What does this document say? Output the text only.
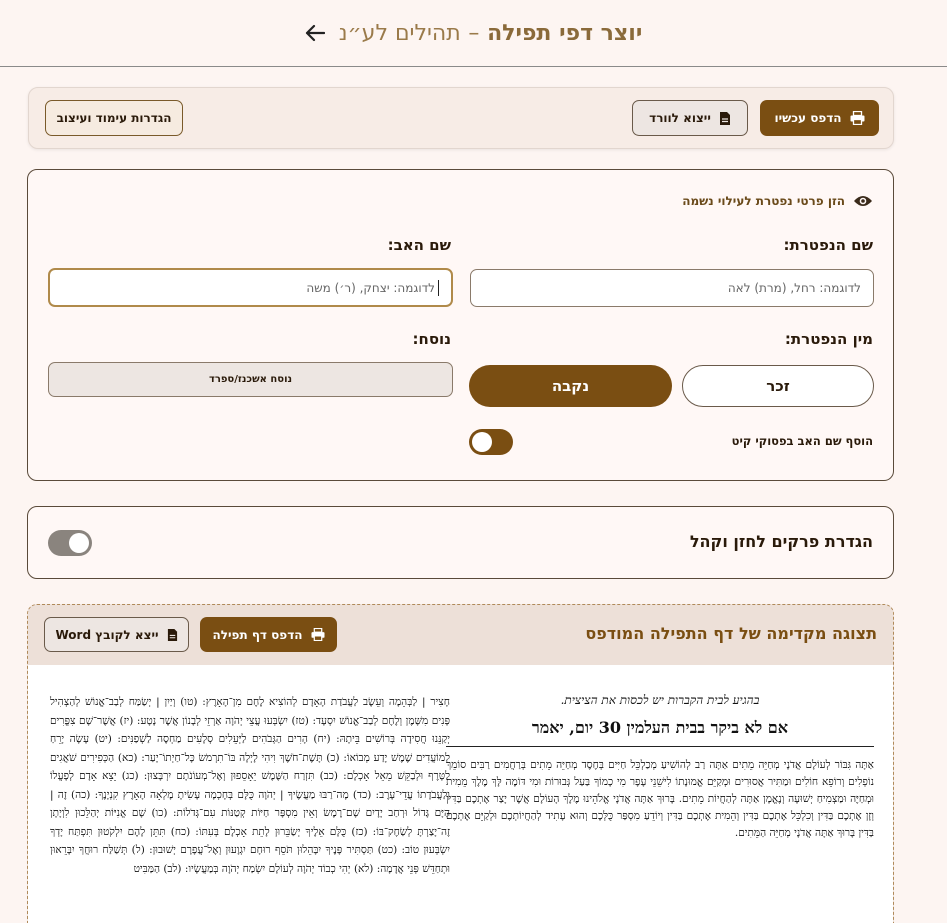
יוצר דפי תפילה – תהילים לע״נ
הדפס עכשיו
ייצוא לוורד
הגדרות עימוד ועיצוב
הזן פרטי נפטרת לעילוי נשמה
שם הנפטרת:
לדוגמה: רחל, (מרת) לאה
שם האב:
לדוגמה: יצחק, (ר׳) משה
מין הנפטרת:
זכר
נקבה
נוסח:
נוסח אשכנז/ספרד
הוסף שם האב בפסוקי קיט
הגדרת פרקים לחזן וקהל
תצוגה מקדימה של דף התפילה המודפס
הדפס דף תפילה
ייצא לקובץ Word
חָצִיר | לַבְּהֵמָה וְעֵשֶׂב לַעֲבֹדַת הָאָדָם לְהוֹצִיא לֶחֶם מִן־הָאָרֶץ: (טו) וְיַיִן | יְשַׂמַּח לְבַב־אֱנוֹשׁ לְהַצְהִיל פָּנִים מִשָּׁמֶן וְלֶחֶם לְבַב־אֱנוֹשׁ יִסְעָד: (טז) יִשְׂבְּעוּ עֲצֵי יְהֹוָה אַרְזֵי לְבָנוֹן אֲשֶׁר נָטָע: (יז) אֲשֶׁר־שָׁם צִפֳּרִים יְקַנֵּנוּ חֲסִידָה בְּרוֹשִׁים בֵּיתָהּ: (יח) הָרִים הַגְּבֹהִים לַיְּעֵלִים סְלָעִים מַחְסֶה לַשְׁפַנִּים: (יט) עָשָׂה יָרֵחַ לְמוֹעֲדִים שֶׁמֶשׁ יָדַע מְבוֹאוֹ: (כ) תָּשֶׁת־חֹשֶׁךְ וִיהִי לָיְלָה בּוֹ־תִרְמֹשׂ כָּל־חַיְתוֹ־יָעַר: (כא) הַכְּפִירִים שֹׁאֲגִים לַטָּרֶף וּלְבַקֵּשׁ מֵאֵל אָכְלָם: (כב) תִּזְרַח הַשֶּׁמֶשׁ יֵאָסֵפוּן וְאֶל־מְעוֹנֹתָם יִרְבָּצוּן: (כג) יֵצֵא אָדָם לְפָעֳלוֹ וְלַעֲבֹדָתוֹ עֲדֵי־עָרֶב: (כד) מָה־רַבּוּ מַעֲשֶׂיךָ | יְהֹוָה כֻּלָּם בְּחָכְמָה עָשִׂיתָ מָלְאָה הָאָרֶץ קִנְיָנֶךָ: (כה) זֶה | הַיָּם גָּדוֹל וּרְחַב יָדָיִם שָׁם־רֶמֶשׂ וְאֵין מִסְפָּר חַיּוֹת קְטַנּוֹת עִם־גְּדֹלוֹת: (כו) שָׁם אֳנִיּוֹת יְהַלֵּכוּן לִוְיָתָן זֶה־יָצַרְתָּ לְשַׂחֶק־בּוֹ: (כז) כֻּלָּם אֵלֶיךָ יְשַׂבֵּרוּן לָתֵת אָכְלָם בְּעִתּוֹ: (כח) תִּתֵּן לָהֶם יִלְקֹטוּן תִּפְתַּח יָדְךָ יִשְׂבְּעוּן טוֹב: (כט) תַּסְתִּיר פָּנֶיךָ יִבָּהֵלוּן תֹּסֵף רוּחָם יִגְוָעוּן וְאֶל־עֲפָרָם יְשׁוּבוּן: (ל) תְּשַׁלַּח רוּחֲךָ יִבָּרֵאוּן וּתְחַדֵּשׁ פְּנֵי אֲדָמָה: (לא) יְהִי כְבוֹד יְהֹוָה לְעוֹלָם יִשְׂמַח יְהֹוָה בְּמַעֲשָׂיו: (לב) הַמַּבִּיט
בהגיע לבית הקברות יש לכסות את הציצית.
אם לא ביקר בבית העלמין 30 יום, יאמר
אַתָּה גִּבּוֹר לְעוֹלָם אֲדֹנָי מְחַיֵּה מֵתִים אַתָּה רַב לְהוֹשִׁיעַ מְכַלְכֵּל חַיִּים בְּחֶסֶד מְחַיֵּה מֵתִים בְּרַחֲמִים רַבִּים סוֹמֵךְ נוֹפְלִים וְרוֹפֵא חוֹלִים וּמַתִּיר אֲסוּרִים וּמְקַיֵּם אֱמוּנָתוֹ לִישֵׁנֵי עָפָר מִי כָמוֹךָ בַּעַל גְּבוּרוֹת וּמִי דּוֹמֶה לָּךְ מֶלֶךְ מֵמִית וּמְחַיֶּה וּמַצְמִיחַ יְשׁוּעָה וְנֶאֱמָן אַתָּה לְהַחֲיוֹת מֵתִים. בָּרוּךְ אַתָּה אֲדֹנָי אֱלֹהֵינוּ מֶלֶךְ הָעוֹלָם אֲשֶׁר יָצַר אֶתְכֶם בַּדִּין וְזָן אֶתְכֶם בַּדִּין וְכִלְכֵּל אֶתְכֶם בַּדִּין וְהֵמִית אֶתְכֶם בַּדִּין וְיוֹדֵעַ מִסְפַּר כֻּלְּכֶם וְהוּא עָתִיד לְהַחֲיוֹתְכֶם וּלְקַיֵּם אֶתְכֶם בַּדִּין בָּרוּךְ אַתָּה אֲדֹנָי מְחַיֵּה הַמֵּתִים.
